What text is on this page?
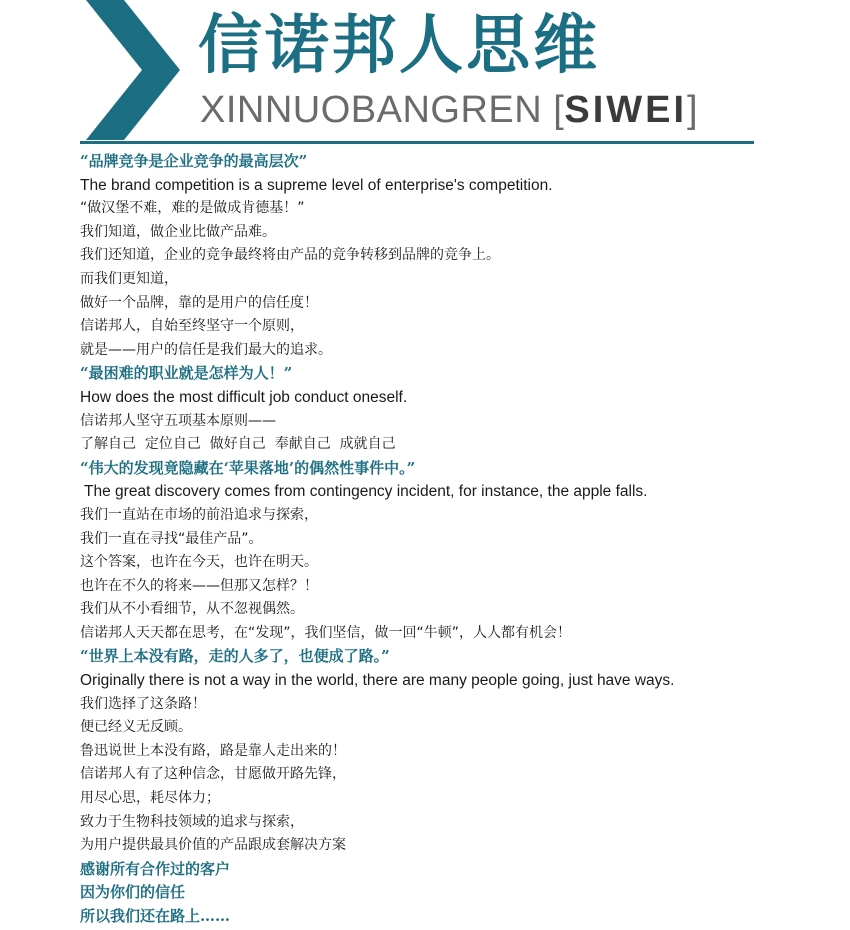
信诺邦人思维
XINNUOBANGREN [SIWEI]
“品牌竞争是企业竞争的最高层次”
The brand competition is a supreme level of enterprise's competition.
“做汉堡不难，难的是做成肯德基！”
我们知道，做企业比做产品难。
我们还知道，企业的竞争最终将由产品的竞争转移到品牌的竞争上。
而我们更知道，
做好一个品牌，靠的是用户的信任度！
信诺邦人，自始至终坚守一个原则，
就是——用户的信任是我们最大的追求。
“最困难的职业就是怎样为人！”
How does the most difficult job conduct oneself.
信诺邦人坚守五项基本原则——
了解自己  定位自己  做好自己  奉献自己  成就自己
“伟大的发现竟隐藏在‘苹果落地’的偶然性事件中。”
The great discovery comes from contingency incident, for instance, the apple falls.
我们一直站在市场的前沿追求与探索，
我们一直在寻找“最佳产品”。
这个答案，也许在今天，也许在明天。
也许在不久的将来——但那又怎样？！
我们从不小看细节，从不忽视偶然。
信诺邦人天天都在思考，在“发现”，我们坚信，做一回“牛顿”，人人都有机会！
“世界上本没有路，走的人多了，也便成了路。”
Originally there is not a way in the world, there are many people going, just have ways.
我们选择了这条路！
便已经义无反顾。
鲁迅说世上本没有路，路是靠人走出来的！
信诺邦人有了这种信念，甘愿做开路先锋，
用尽心思，耗尽体力；
致力于生物科技领域的追求与探索，
为用户提供最具价值的产品跟成套解决方案
感谢所有合作过的客户
因为你们的信任
所以我们还在路上……
